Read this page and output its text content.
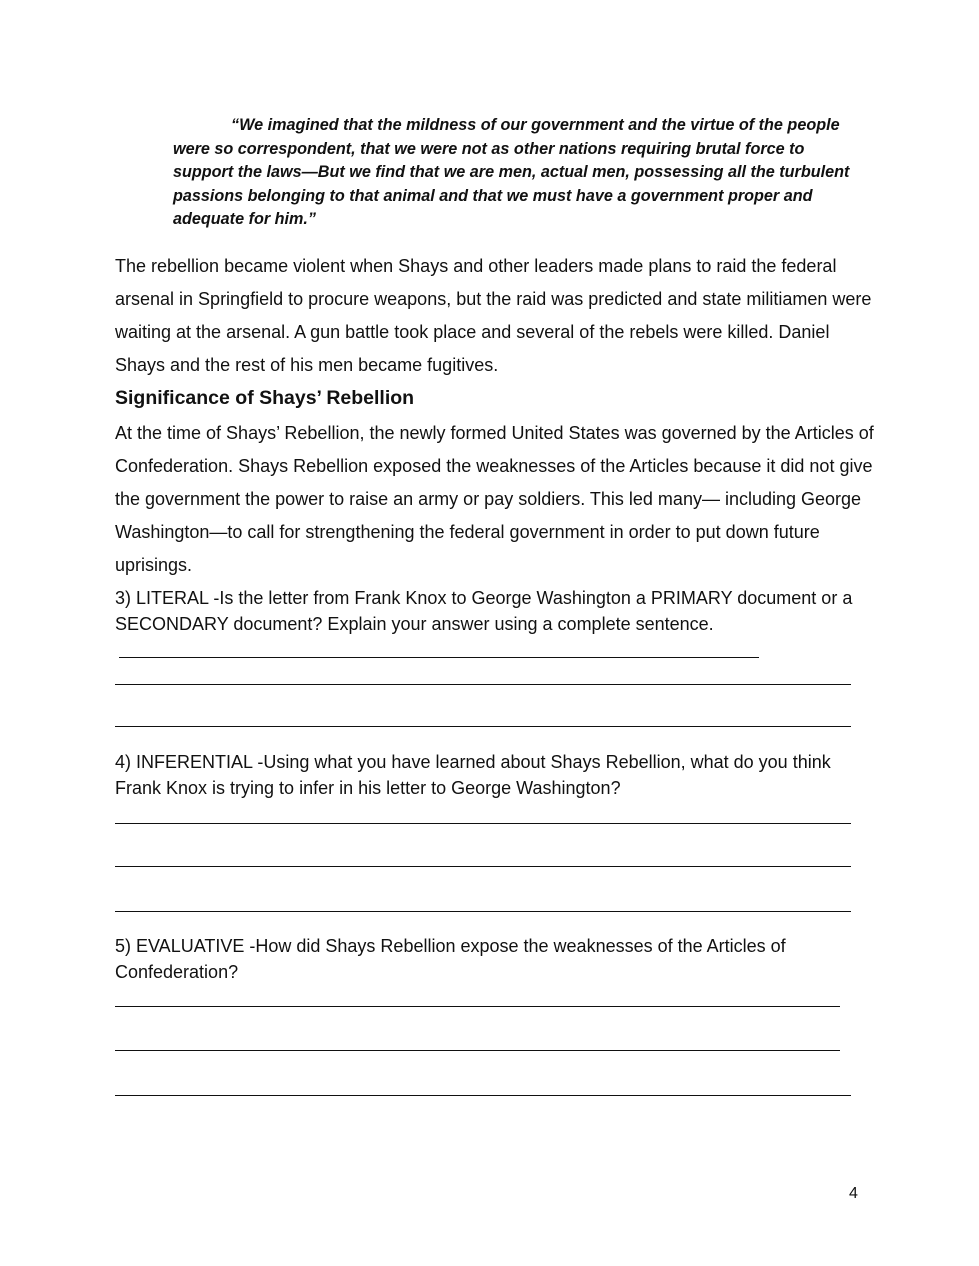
“We imagined that the mildness of our government and the virtue of the people were so correspondent, that we were not as other nations requiring brutal force to support the laws—But we find that we are men, actual men, possessing all the turbulent passions belonging to that animal and that we must have a government proper and adequate for him.”

The rebellion became violent when Shays and other leaders made plans to raid the federal arsenal in Springfield to procure weapons, but the raid was predicted and state militiamen were waiting at the arsenal. A gun battle took place and several of the rebels were killed. Daniel Shays and the rest of his men became fugitives.

Significance of Shays’ Rebellion

At the time of Shays’ Rebellion, the newly formed United States was governed by the Articles of Confederation. Shays Rebellion exposed the weaknesses of the Articles because it did not give the government the power to raise an army or pay soldiers. This led many— including George Washington—to call for strengthening the federal government in order to put down future uprisings.

3) LITERAL -Is the letter from Frank Knox to George Washington a PRIMARY document or a SECONDARY document? Explain your answer using a complete sentence.

4) INFERENTIAL -Using what you have learned about Shays Rebellion, what do you think Frank Knox is trying to infer in his letter to George Washington?

5) EVALUATIVE -How did Shays Rebellion expose the weaknesses of the Articles of Confederation?

4
